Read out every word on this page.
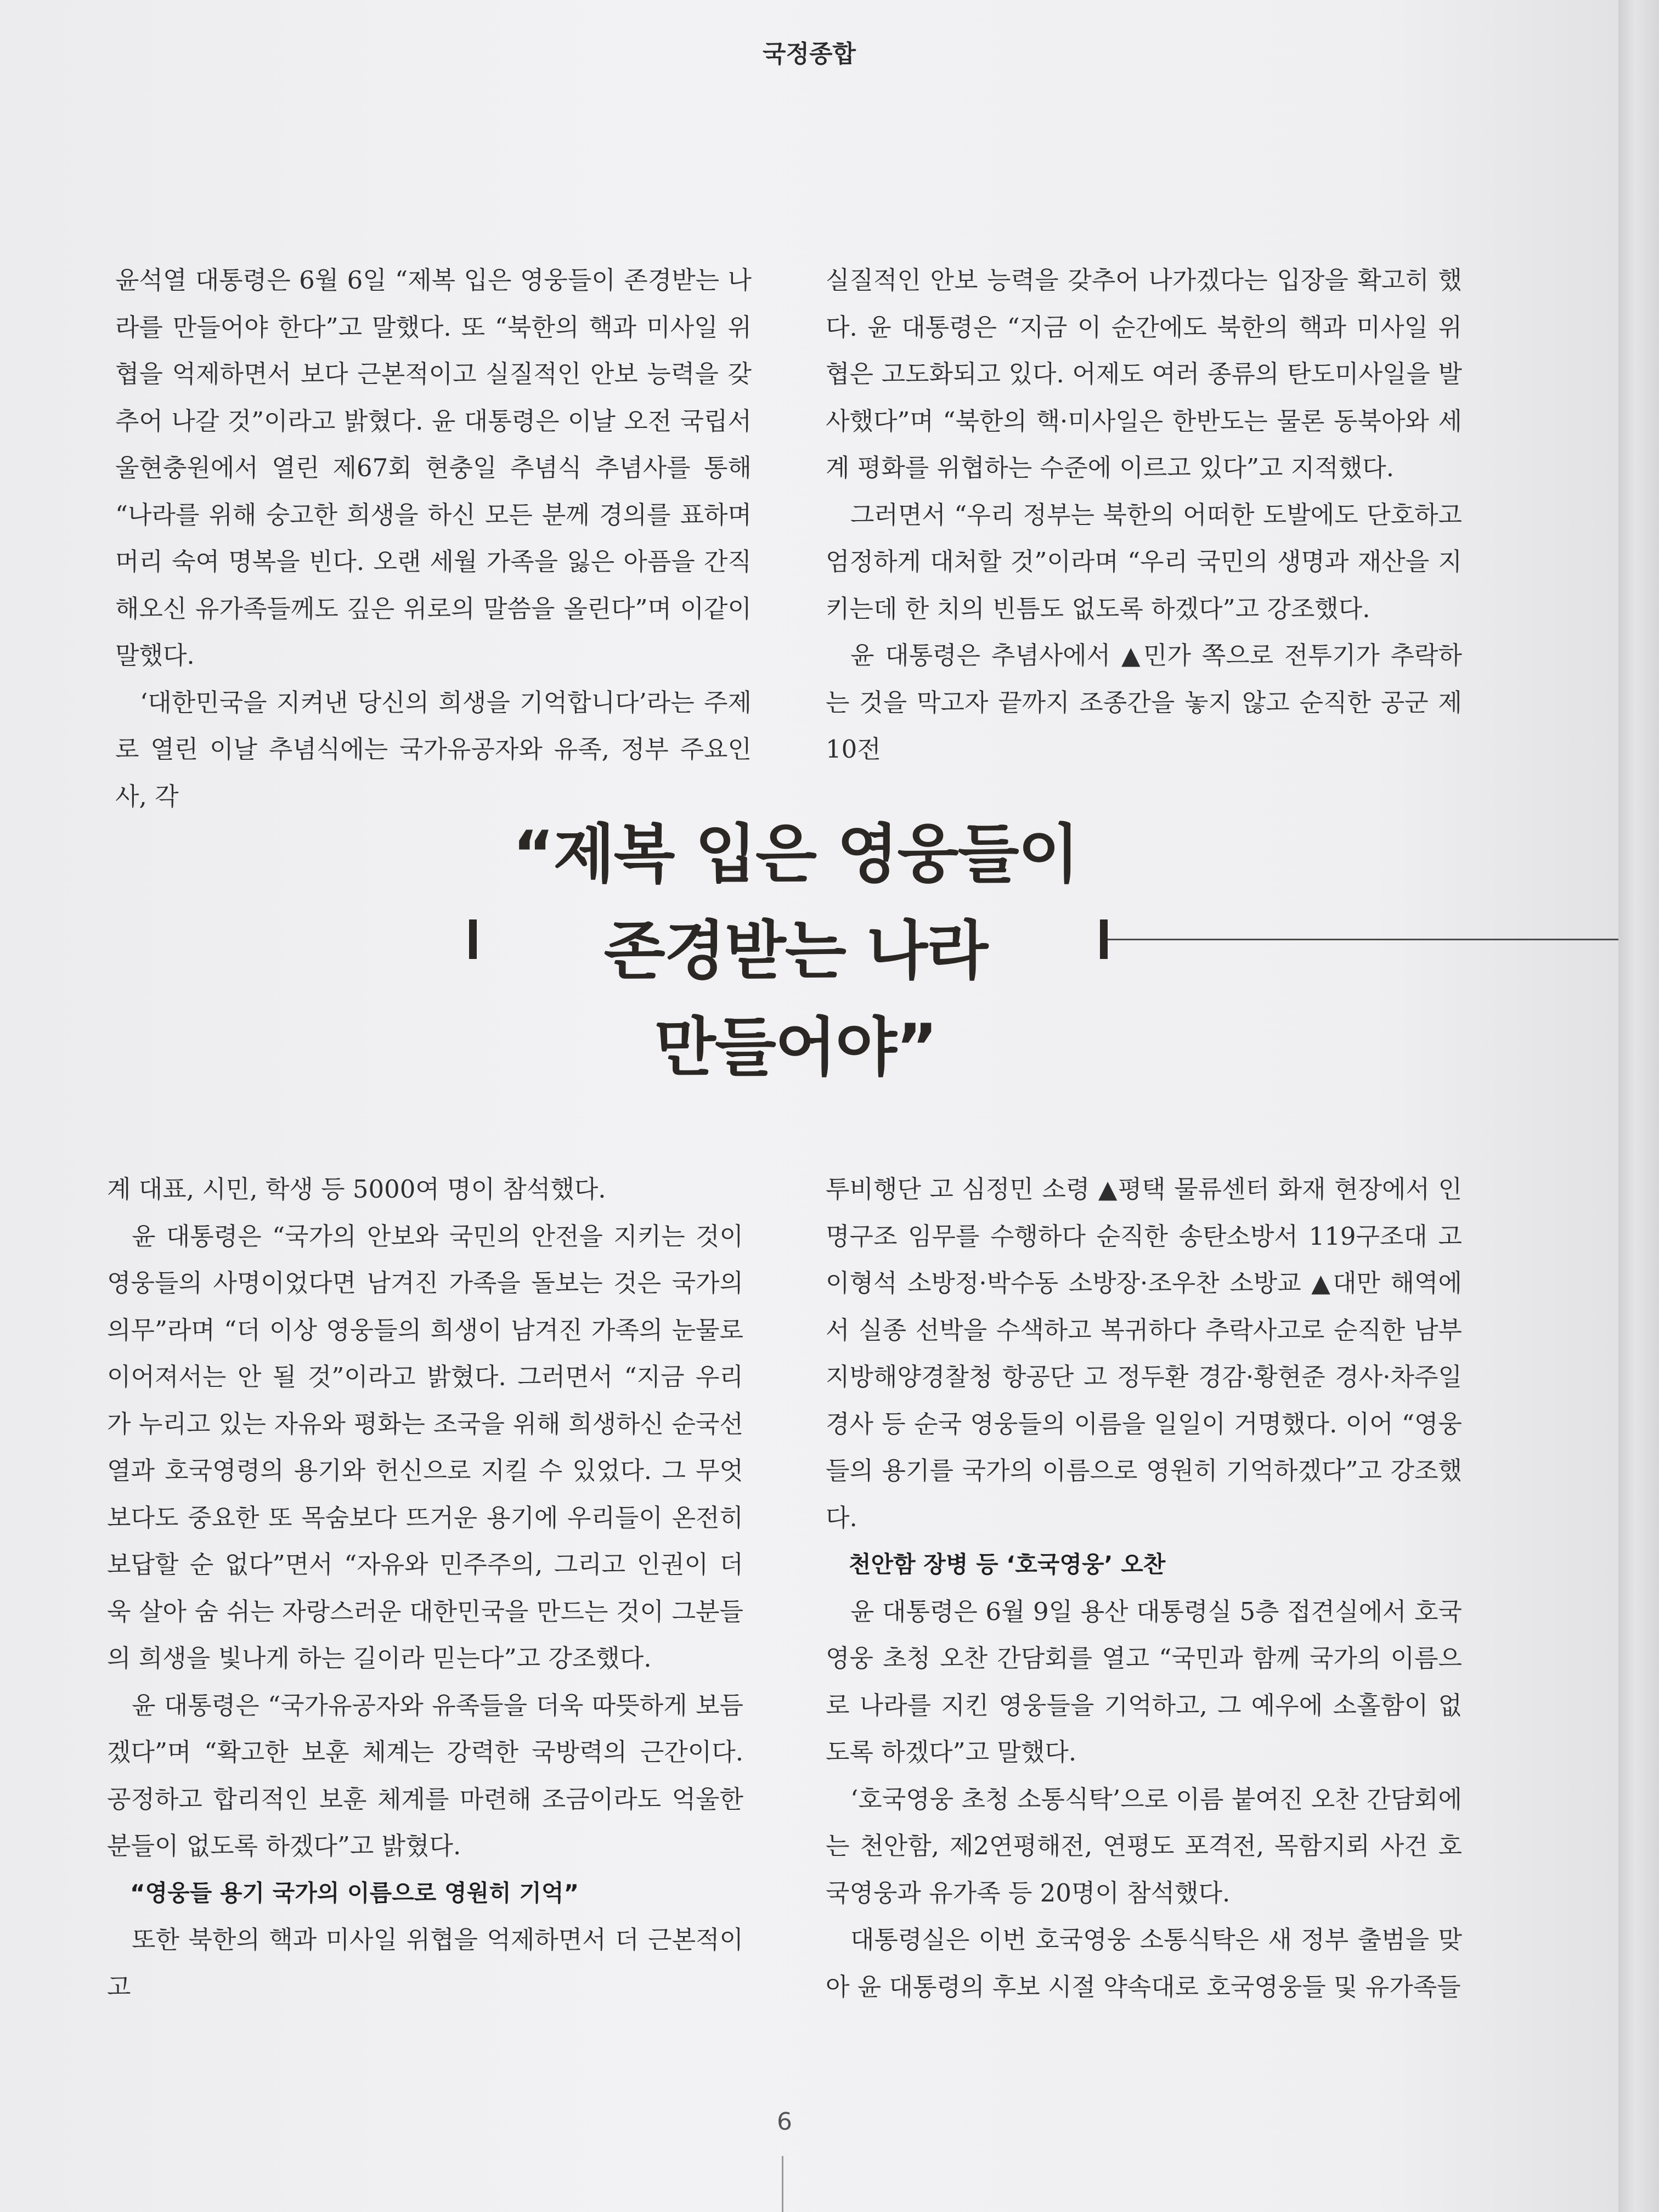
국정종합

윤석열 대통령은 6월 6일 “제복 입은 영웅들이 존경받는 나라를 만들어야 한다”고 말했다. 또 “북한의 핵과 미사일 위협을 억제하면서 보다 근본적이고 실질적인 안보 능력을 갖추어 나갈 것”이라고 밝혔다. 윤 대통령은 이날 오전 국립서울현충원에서 열린 제67회 현충일 추념식 추념사를 통해 “나라를 위해 숭고한 희생을 하신 모든 분께 경의를 표하며 머리 숙여 명복을 빈다. 오랜 세월 가족을 잃은 아픔을 간직해오신 유가족들께도 깊은 위로의 말씀을 올린다”며 이같이 말했다.

‘대한민국을 지켜낸 당신의 희생을 기억합니다’라는 주제로 열린 이날 추념식에는 국가유공자와 유족, 정부 주요인사, 각

실질적인 안보 능력을 갖추어 나가겠다는 입장을 확고히 했다. 윤 대통령은 “지금 이 순간에도 북한의 핵과 미사일 위협은 고도화되고 있다. 어제도 여러 종류의 탄도미사일을 발사했다”며 “북한의 핵·미사일은 한반도는 물론 동북아와 세계 평화를 위협하는 수준에 이르고 있다”고 지적했다.

그러면서 “우리 정부는 북한의 어떠한 도발에도 단호하고 엄정하게 대처할 것”이라며 “우리 국민의 생명과 재산을 지키는데 한 치의 빈틈도 없도록 하겠다”고 강조했다.

윤 대통령은 추념사에서 ▲민가 쪽으로 전투기가 추락하는 것을 막고자 끝까지 조종간을 놓지 않고 순직한 공군 제10전

“제복 입은 영웅들이
존경받는 나라
만들어야”

계 대표, 시민, 학생 등 5000여 명이 참석했다.

윤 대통령은 “국가의 안보와 국민의 안전을 지키는 것이 영웅들의 사명이었다면 남겨진 가족을 돌보는 것은 국가의 의무”라며 “더 이상 영웅들의 희생이 남겨진 가족의 눈물로 이어져서는 안 될 것”이라고 밝혔다. 그러면서 “지금 우리가 누리고 있는 자유와 평화는 조국을 위해 희생하신 순국선열과 호국영령의 용기와 헌신으로 지킬 수 있었다. 그 무엇보다도 중요한 또 목숨보다 뜨거운 용기에 우리들이 온전히 보답할 순 없다”면서 “자유와 민주주의, 그리고 인권이 더욱 살아 숨 쉬는 자랑스러운 대한민국을 만드는 것이 그분들의 희생을 빛나게 하는 길이라 믿는다”고 강조했다.

윤 대통령은 “국가유공자와 유족들을 더욱 따뜻하게 보듬겠다”며 “확고한 보훈 체계는 강력한 국방력의 근간이다. 공정하고 합리적인 보훈 체계를 마련해 조금이라도 억울한 분들이 없도록 하겠다”고 밝혔다.

“영웅들 용기 국가의 이름으로 영원히 기억”

또한 북한의 핵과 미사일 위협을 억제하면서 더 근본적이고

투비행단 고 심정민 소령 ▲평택 물류센터 화재 현장에서 인명구조 임무를 수행하다 순직한 송탄소방서 119구조대 고 이형석 소방정·박수동 소방장·조우찬 소방교 ▲대만 해역에서 실종 선박을 수색하고 복귀하다 추락사고로 순직한 남부지방해양경찰청 항공단 고 정두환 경감·황현준 경사·차주일 경사 등 순국 영웅들의 이름을 일일이 거명했다. 이어 “영웅들의 용기를 국가의 이름으로 영원히 기억하겠다”고 강조했다.

천안함 장병 등 ‘호국영웅’ 오찬

윤 대통령은 6월 9일 용산 대통령실 5층 접견실에서 호국영웅 초청 오찬 간담회를 열고 “국민과 함께 국가의 이름으로 나라를 지킨 영웅들을 기억하고, 그 예우에 소홀함이 없도록 하겠다”고 말했다.

‘호국영웅 초청 소통식탁’으로 이름 붙여진 오찬 간담회에는 천안함, 제2연평해전, 연평도 포격전, 목함지뢰 사건 호국영웅과 유가족 등 20명이 참석했다.

대통령실은 이번 호국영웅 소통식탁은 새 정부 출범을 맞아 윤 대통령의 후보 시절 약속대로 호국영웅들 및 유가족들

6
